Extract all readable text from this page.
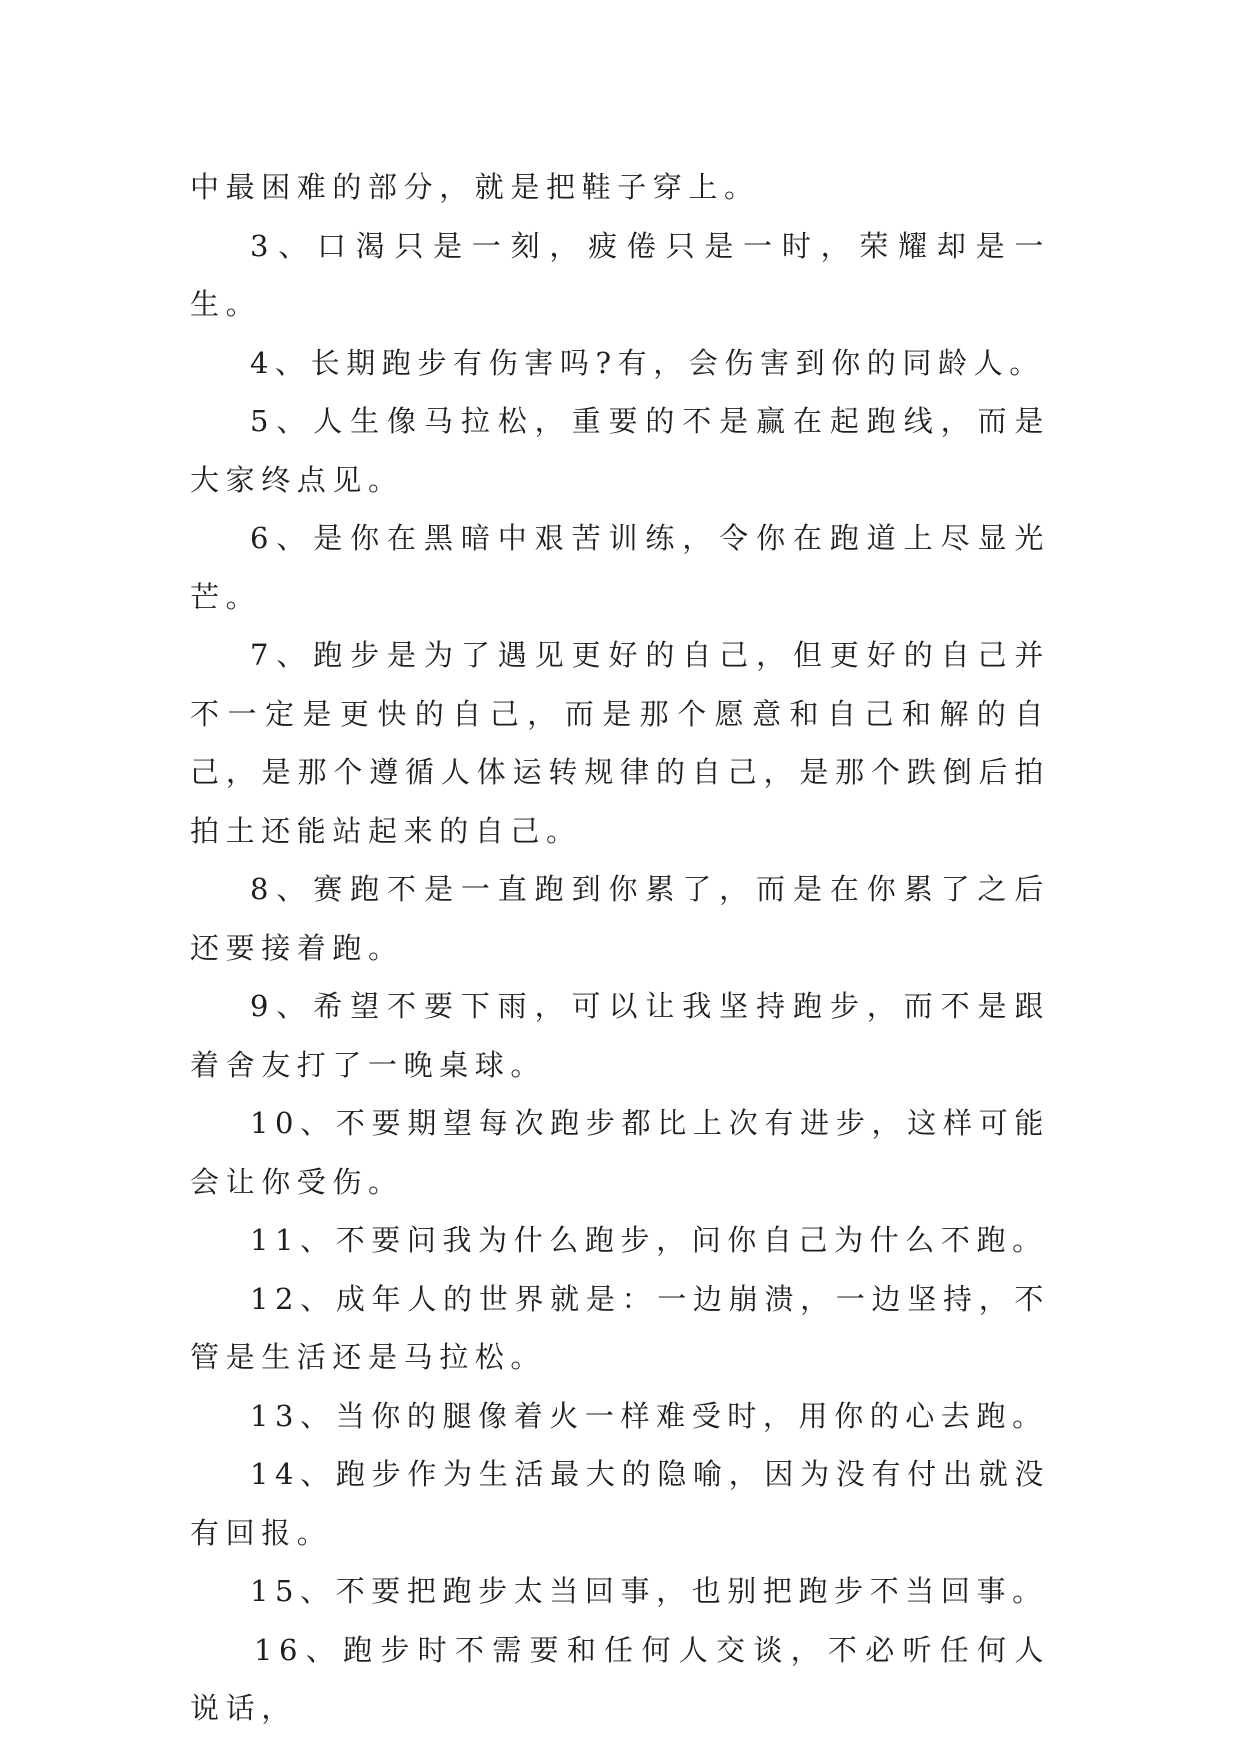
中最困难的部分，就是把鞋子穿上。

3、口渴只是一刻，疲倦只是一时，荣耀却是一生。

4、长期跑步有伤害吗?有，会伤害到你的同龄人。

5、人生像马拉松，重要的不是赢在起跑线，而是大家终点见。

6、是你在黑暗中艰苦训练，令你在跑道上尽显光芒。

7、跑步是为了遇见更好的自己，但更好的自己并不一定是更快的自己，而是那个愿意和自己和解的自己，是那个遵循人体运转规律的自己，是那个跌倒后拍拍土还能站起来的自己。

8、赛跑不是一直跑到你累了，而是在你累了之后还要接着跑。

9、希望不要下雨，可以让我坚持跑步，而不是跟着舍友打了一晚桌球。

10、不要期望每次跑步都比上次有进步，这样可能会让你受伤。

11、不要问我为什么跑步，问你自己为什么不跑。

12、成年人的世界就是：一边崩溃，一边坚持，不管是生活还是马拉松。

13、当你的腿像着火一样难受时，用你的心去跑。

14、跑步作为生活最大的隐喻，因为没有付出就没有回报。

15、不要把跑步太当回事，也别把跑步不当回事。

16、跑步时不需要和任何人交谈，不必听任何人说话，
